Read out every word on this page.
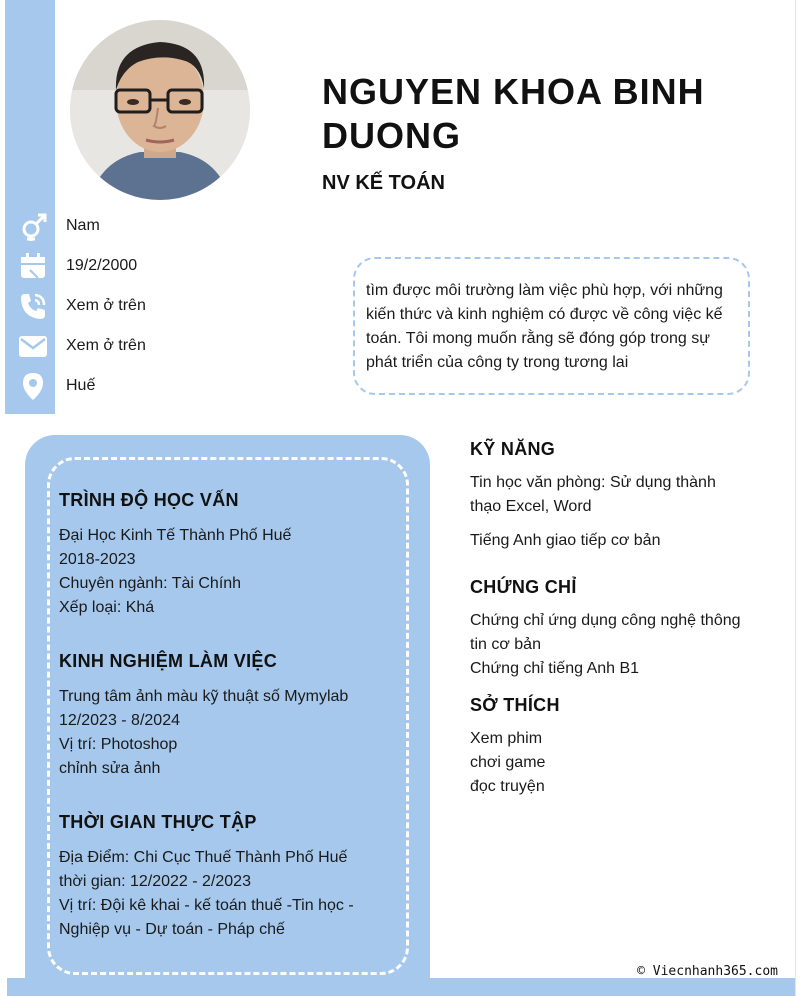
NGUYEN KHOA BINH DUONG
NV KẾ TOÁN
Nam
19/2/2000
Xem ở trên
Xem ở trên
Huế
tìm được môi trường làm việc phù hợp, với những kiến thức và kinh nghiệm có được về công việc kế toán. Tôi mong muốn rằng sẽ đóng góp trong sự phát triển của công ty trong tương lai
TRÌNH ĐỘ HỌC VẤN
Đại Học Kinh Tế Thành Phố Huế
2018-2023
Chuyên ngành: Tài Chính
Xếp loại: Khá
KINH NGHIỆM LÀM VIỆC
Trung tâm ảnh màu kỹ thuật số Mymylab
12/2023 - 8/2024
Vị trí: Photoshop
chỉnh sửa ảnh
THỜI GIAN THỰC TẬP
Địa Điểm: Chi Cục Thuế Thành Phố Huế
thời gian: 12/2022 - 2/2023
Vị trí: Đội kê khai - kế toán thuế -Tin học -
Nghiệp vụ - Dự toán - Pháp chế
KỸ NĂNG
Tin học văn phòng: Sử dụng thành
thạo Excel, Word
Tiếng Anh giao tiếp cơ bản
CHỨNG CHỈ
Chứng chỉ ứng dụng công nghệ thông
tin cơ bản
Chứng chỉ tiếng Anh B1
SỞ THÍCH
Xem phim
chơi game
đọc truyện
© Viecnhanh365.com
